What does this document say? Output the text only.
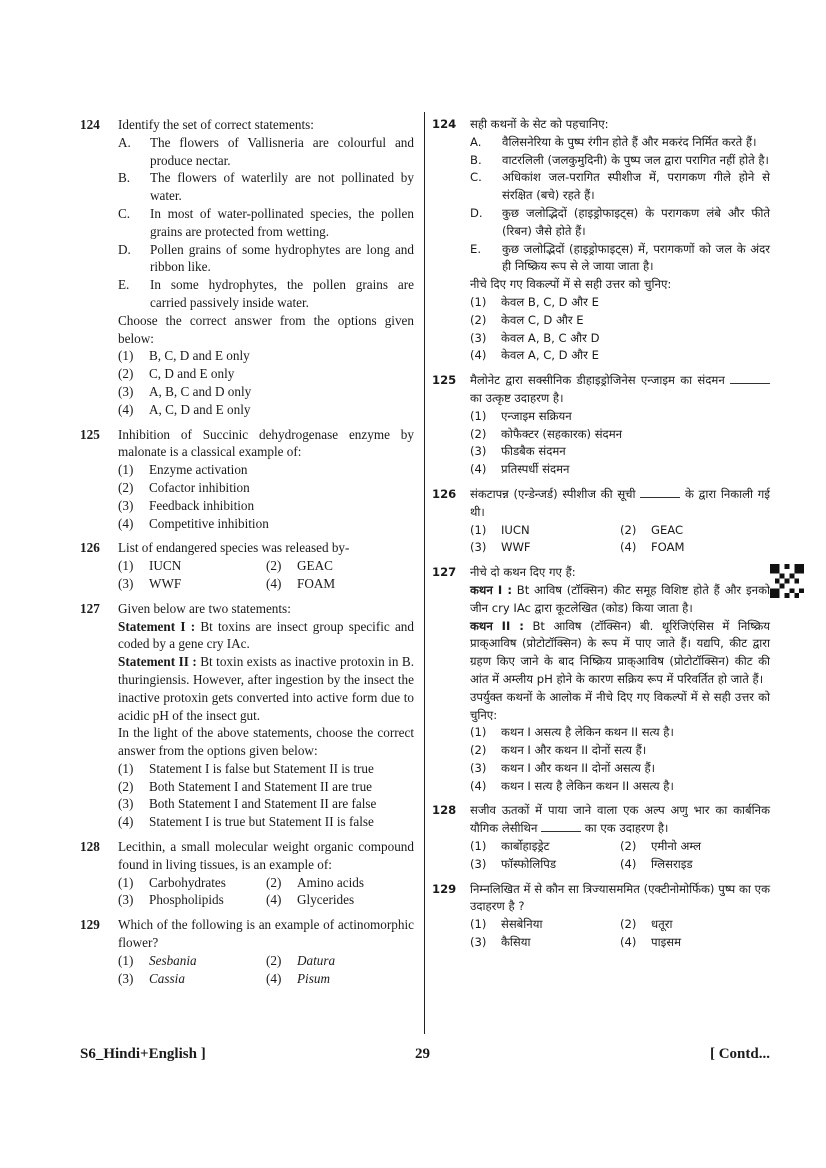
124 Identify the set of correct statements:
A.	The flowers of Vallisneria are colourful and produce nectar.
B.	The flowers of waterlily are not pollinated by water.
C.	In most of water-pollinated species, the pollen grains are protected from wetting.
D.	Pollen grains of some hydrophytes are long and ribbon like.
E.	In some hydrophytes, the pollen grains are carried passively inside water.
Choose the correct answer from the options given below:
(1)	B, C, D and E only
(2)	C, D and E only
(3)	A, B, C and D only
(4)	A, C, D and E only
125 Inhibition of Succinic dehydrogenase enzyme by malonate is a classical example of:
(1)	Enzyme activation
(2)	Cofactor inhibition
(3)	Feedback inhibition
(4)	Competitive inhibition
126 List of endangered species was released by-
(1)	IUCN	(2)	GEAC
(3)	WWF	(4)	FOAM
127 Given below are two statements:
Statement I : Bt toxins are insect group specific and coded by a gene cry IAc.
Statement II : Bt toxin exists as inactive protoxin in B. thuringiensis. However, after ingestion by the insect the inactive protoxin gets converted into active form due to acidic pH of the insect gut.
In the light of the above statements, choose the correct answer from the options given below:
(1)	Statement I is false but Statement II is true
(2)	Both Statement I and Statement II are true
(3)	Both Statement I and Statement II are false
(4)	Statement I is true but Statement II is false
128 Lecithin, a small molecular weight organic compound found in living tissues, is an example of:
(1)	Carbohydrates	(2)	Amino acids
(3)	Phospholipids	(4)	Glycerides
129 Which of the following is an example of actinomorphic flower?
(1)	Sesbania	(2)	Datura
(3)	Cassia	(4)	Pisum
124 सही कथनों के सेट को पहचानिए:
A.	वैलिसनेरिया के पुष्प रंगीन होते हैं और मकरंद निर्मित करते हैं।
B.	वाटरलिली (जलकुमुदिनी) के पुष्प जल द्वारा परागित नहीं होते है।
C.	अधिकांश जल-परागित स्पीशीज में, परागकण गीले होने से संरक्षित (बचे) रहते हैं।
D.	कुछ जलोद्भिदों (हाइड्रोफाइट्स) के परागकण लंबे और फीते (रिबन) जैसे होते हैं।
E.	कुछ जलोद्भिदों (हाइड्रोफाइट्स) में, परागकणों को जल के अंदर ही निष्क्रिय रूप से ले जाया जाता है।
नीचे दिए गए विकल्पों में से सही उत्तर को चुनिए:
(1)	केवल B, C, D और E
(2)	केवल C, D और E
(3)	केवल A, B, C और D
(4)	केवल A, C, D और E
125 मैलोनेट द्वारा सक्सीनिक डीहाइड्रोजिनेस एन्जाइम का संदमन  का उत्कृष्ट उदाहरण है।
(1)	एन्जाइम सक्रियन
(2)	कोफैक्टर (सहकारक) संदमन
(3)	फीडबैक संदमन
(4)	प्रतिस्पर्धी संदमन
126 संकटापन्न (एन्डेन्जर्ड) स्पीशीज की सूची	के द्वारा निकाली गई थी।
(1)	IUCN	(2)	GEAC
(3)	WWF	(4)	FOAM
127 नीचे दो कथन दिए गए हैं:
कथन I : Bt आविष (टॉक्सिन) कीट समूह विशिष्ट होते हैं और इनको जीन cry IAc द्वारा कूटलेखित (कोड) किया जाता है।
कथन II : Bt आविष (टॉक्सिन) बी. थूरिंजिएंसिस में निष्क्रिय प्राक्आविष (प्रोटोटॉक्सिन) के रूप में पाए जाते हैं। यद्यपि, कीट द्वारा ग्रहण किए जाने के बाद निष्क्रिय प्राक्आविष (प्रोटोटॉक्सिन) कीट की आंत में अम्लीय pH होने के कारण सक्रिय रूप में परिवर्तित हो जाते हैं।
उपर्युक्त कथनों के आलोक में नीचे दिए गए विकल्पों में से सही उत्तर को चुनिए:
(1)	कथन I असत्य है लेकिन कथन II सत्य है।
(2)	कथन I और कथन II दोनों सत्य हैं।
(3)	कथन I और कथन II दोनों असत्य हैं।
(4)	कथन I सत्य है लेकिन कथन II असत्य है।
128 सजीव ऊतकों में पाया जाने वाला एक अल्प अणु भार का कार्बनिक यौगिक लेसीथिन	का एक उदाहरण है।
(1)	कार्बोहाइड्रेट	(2)	एमीनो अम्ल
(3)	फॉस्फोलिपिड	(4)	ग्लिसराइड
129 निम्नलिखित में से कौन सा त्रिज्यासममित (एक्टीनोमोर्फिक) पुष्प का एक उदाहरण है ?
(1)	सेसबेनिया	(2)	धतूरा
(3)	कैसिया	(4)	पाइसम
S6_Hindi+English ]	29	[ Contd...
